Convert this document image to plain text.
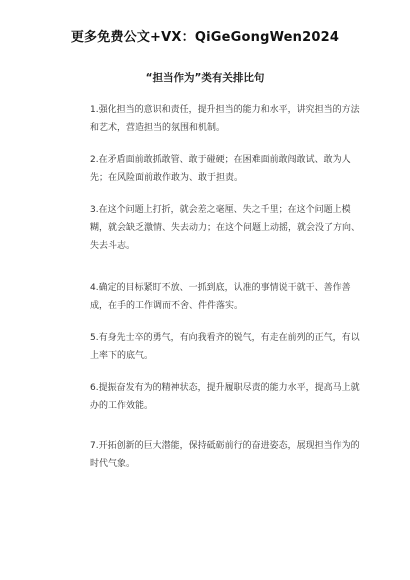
更多免费公文+VX：QiGeGongWen2024
“担当作为”类有关排比句
1.强化担当的意识和责任，提升担当的能力和水平，讲究担当的方法和艺术，营造担当的氛围和机制。
2.在矛盾面前敢抓敢管、敢于碰硬；在困难面前敢闯敢试、敢为人先；在风险面前敢作敢为、敢于担责。
3.在这个问题上打折，就会差之毫厘、失之千里；在这个问题上模糊，就会缺乏激情、失去动力；在这个问题上动摇，就会没了方向、失去斗志。
4.确定的目标紧盯不放、一抓到底，认准的事情说干就干、善作善成，在手的工作调而不舍、件件落实。
5.有身先士卒的勇气，有向我看齐的锐气，有走在前列的正气，有以上率下的底气。
6.提振奋发有为的精神状态，提升履职尽责的能力水平，提高马上就办的工作效能。
7.开拓创新的巨大潜能，保持砥砺前行的奋进姿态，展现担当作为的时代气象。
